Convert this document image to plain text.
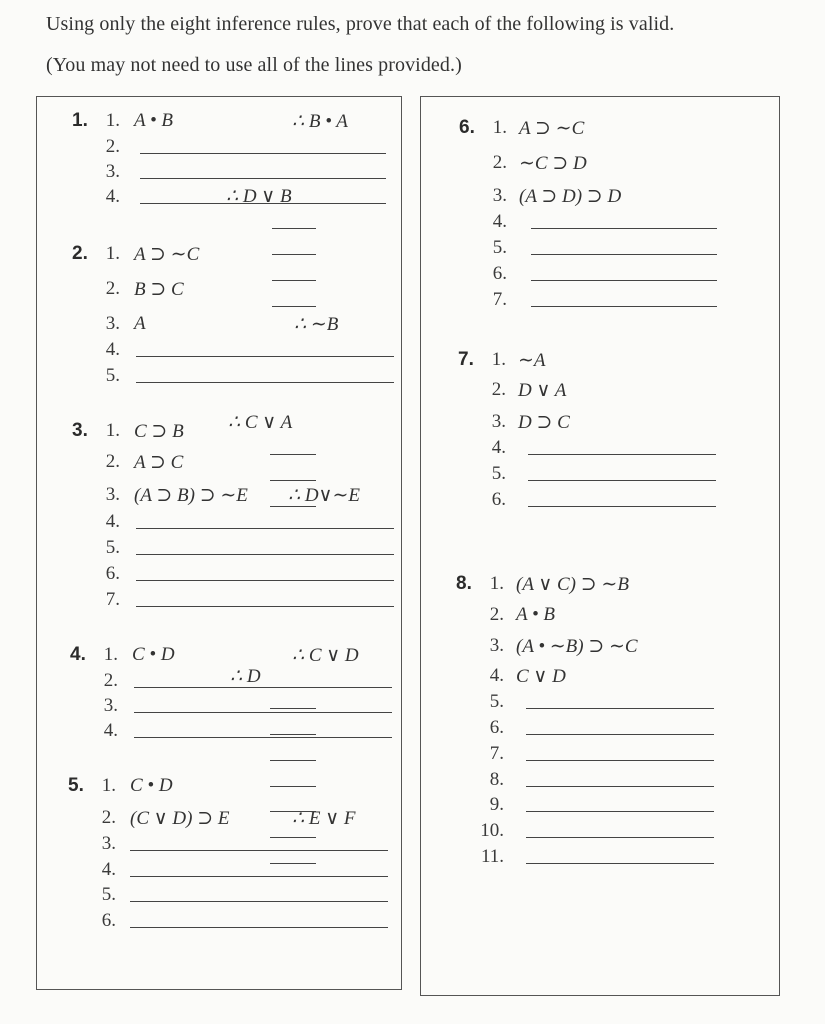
Using only the eight inference rules, prove that each of the following is valid.
(You may not need to use all of the lines provided.)
1. 1. A • B	∴ B • A
2.
3.
4.
2. 1. A ⊃ ∼C
2. B ⊃ C
3. A	∴ ∼B
4.
5.
3. 1. C ⊃ B
2. A ⊃ C
3. (A ⊃ B) ⊃ ∼E ∴ D∨∼E
4.
5.
6.
7.
4. 1. C • D	∴ C ∨ D
2.
3.
4.
5. 1. C • D
2. (C ∨ D) ⊃ E	∴ E ∨ F
3.
4.
5.
6.
6. 1. A ⊃ ∼C
2. ∼C ⊃ D
3. (A ⊃ D) ⊃ D
∴ D ∨ B
4.
5.
6.
7.
7. 1. ∼A
2. D ∨ A
3. D ⊃ C
∴ C ∨ A
4.
5.
6.
8. 1. (A ∨ C) ⊃ ∼B
2. A • B
3. (A • ∼B) ⊃ ∼C
4. C ∨ D
∴ D
5.
6.
7.
8.
9.
10.
11.
